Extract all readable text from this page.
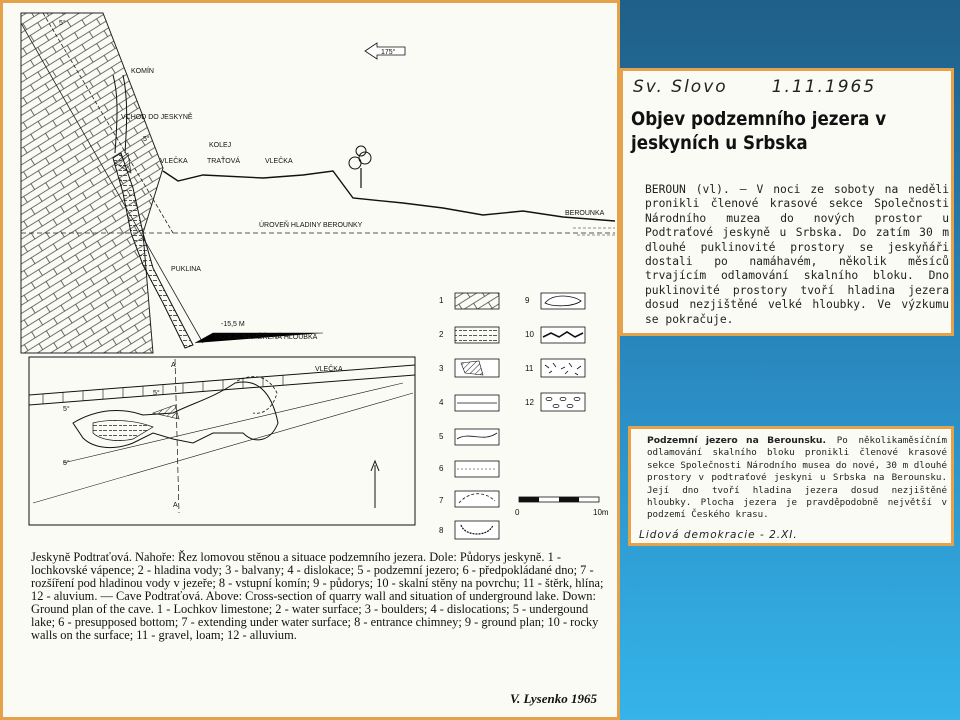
5°
KOMÍN
VCHOD DO JESKYNĚ
5°
KOLEJ
VLEČKA	TRAŤOVÁ	VLEČKA
175°
BEROUNKA
ÚROVEŇ HLADINY BEROUNKY
PUKLINA
-15,5 M
DOSUD NAMĚŘENÁ HLOUBKA
VLEČKA
5°
5°
5°
A
A
1
2
3
4
5
6
7
8
9
10
11
12
0	10m

Jeskyně Podtraťová. Nahoře: Řez lomovou stěnou a situace podzemního jezera. Dole: Půdorys jeskyně. 1 - lochkovské vápence; 2 - hladina vody; 3 - balvany; 4 - dislokace; 5 - podzemní jezero; 6 - předpokládané dno; 7 - rozšíření pod hladinou vody v jezeře; 8 - vstupní komín; 9 - půdorys; 10 - skalní stěny na povrchu; 11 - štěrk, hlína; 12 - aluvium. — Cave Podtraťová. Above: Cross-section of quarry wall and situation of underground lake. Down: Ground plan of the cave. 1 - Lochkov limestone; 2 - water surface; 3 - boulders; 4 - dislocations; 5 - undergound lake; 6 - presupposed bottom; 7 - extending under water surface; 8 - entrance chimney; 9 - ground plan; 10 - rocky walls on the surface; 11 - gravel, loam; 12 - alluvium.

V. Lysenko 1965
Sv. Slovo	1.11.1965
Objev podzemního jezera v jeskyních u Srbska
BEROUN (vl). — V noci ze soboty na neděli pronikli členové krasové sekce Společnosti Národního muzea do nových prostor u Podtraťové jeskyně u Srbska. Do zatím 30 m dlouhé puklinovité prostory se jeskyňáři dostali po namáhavém, několik měsíců trvajícím odlamování skalního bloku. Dno puklinovité prostory tvoří hladina jezera dosud nezjištěné velké hloubky. Ve výzkumu se pokračuje.
Podzemní jezero na Berounsku. Po několikaměsíčním odlamování skalního bloku pronikli členové krasové sekce Společnosti Národního musea do nové, 30 m dlouhé prostory v podtraťové jeskyni u Srbska na Berounsku. Její dno tvoří hladina jezera dosud nezjištěné hloubky. Plocha jezera je pravděpodobně největší v podzemí Českého krasu.
Lidová demokracie - 2.XI.
